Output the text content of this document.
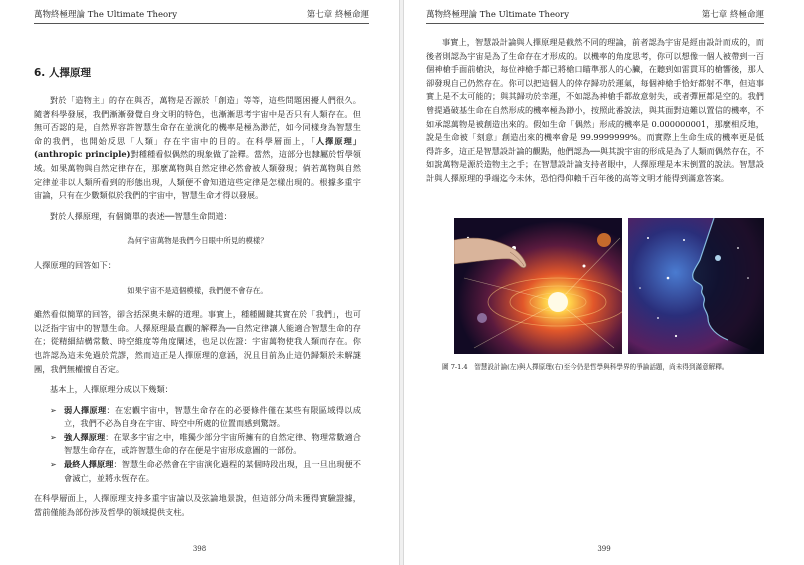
萬物終極理論 The Ultimate Theory	第七章 終極命運
6. 人擇原理

對於「造物主」的存在與否，萬物是否源於「創造」等等，這些問題困擾人們很久。隨著科學發展，我們漸漸發覺自身文明的特色，也漸漸思考宇宙中是否只有人類存在。但無可否認的是，自然界容許智慧生命存在並演化的機率是極為渺茫，如今同樣身為智慧生命的我們，也開始反思「人類」存在宇宙中的目的。在科學層面上，「人擇原理」(anthropic principle)對種種看似偶然的現象做了詮釋。當然，這部分也隸屬於哲學領域。如果萬物與自然定律存在，那麼萬物與自然定律必然會被人類發現；倘若萬物與自然定律並非以人類所看到的形態出現，人類便不會知道這些定律是怎樣出現的。根據多重宇宙論，只有在少數類似於我們的宇宙中，智慧生命才得以發展。

對於人擇原理，有個簡單的表述──智慧生命問道：

為何宇宙萬物是我們今日眼中所見的模樣？

人擇原理的回答如下：

如果宇宙不是這個模樣，我們便不會存在。

雖然看似簡單的回答，卻含括深奧未解的道理。事實上，種種關鍵其實在於「我們」，也可以泛指宇宙中的智慧生命。人擇原理最直觀的解釋為──自然定律讓人能適合智慧生命的存在；從精細結構常數、時空維度等角度闡述，也足以佐證：宇宙萬物使我人類而存在。你也許認為這未免過於荒謬，然而這正是人擇原理的意涵，況且目前為止這仍歸類於未解謎團，我們無權擅自否定。

基本上，人擇原理分成以下幾類：

➢ 弱人擇原理：在宏觀宇宙中，智慧生命存在的必要條件僅在某些有限區域得以成立，我們不必為自身在宇宙、時空中所處的位置而感到驚訝。
➢ 強人擇原理：在眾多宇宙之中，唯獨少部分宇宙所擁有的自然定律、物理常數適合智慧生命存在，或許智慧生命的存在便是宇宙形成意圖的一部份。
➢ 最終人擇原理：智慧生命必然會在宇宙演化過程的某個時段出現，且一旦出現便不會滅亡，並將永恆存在。

在科學層面上，人擇原理支持多重宇宙論以及弦論地景說，但這部分尚未獲得實驗證據，當前僅能為部份涉及哲學的領域提供支柱。

398
萬物終極理論 The Ultimate Theory	第七章 終極命運

事實上，智慧設計論與人擇原理是截然不同的理論，前者認為宇宙是經由設計而成的，而後者則認為宇宙是為了生命存在才形成的。以機率的角度思考，你可以想像一個人被帶到一百個神槍手面前槍決，每位神槍手都已將槍口瞄準那人的心臟，在聽到如雷貫耳的槍響後，那人卻發現自己仍然存在。你可以把這個人的倖存歸功於運氣，每個神槍手恰好都射不準，但這事實上是不太可能的；與其歸功於幸運，不如認為神槍手都故意射失，或者彈匣都是空的。我們曾提過破基生命在自然形成的機率極為渺小，按照此番說法，與其面對這難以置信的機率，不如承認萬物是被創造出來的。假如生命「偶然」形成的機率是 0.000000001，那麼相反地，說是生命被「刻意」創造出來的機率會是 99.9999999%。而實際上生命生成的機率更是低得許多，這正是智慧設計論的觀點，他們認為──與其說宇宙的形成是為了人類而偶然存在，不如說萬物是源於造物主之手；在智慧設計論支持者眼中，人擇原理是本末倒置的說法。智慧設計與人擇原理的爭端迄今未休，恐怕得仰賴千百年後的高等文明才能得到滿意答案。

圖 7-1.4　智慧設計論(左)與人擇原理(右)至今仍是哲學與科學界的爭論話題，尚未得到滿意解釋。
399
